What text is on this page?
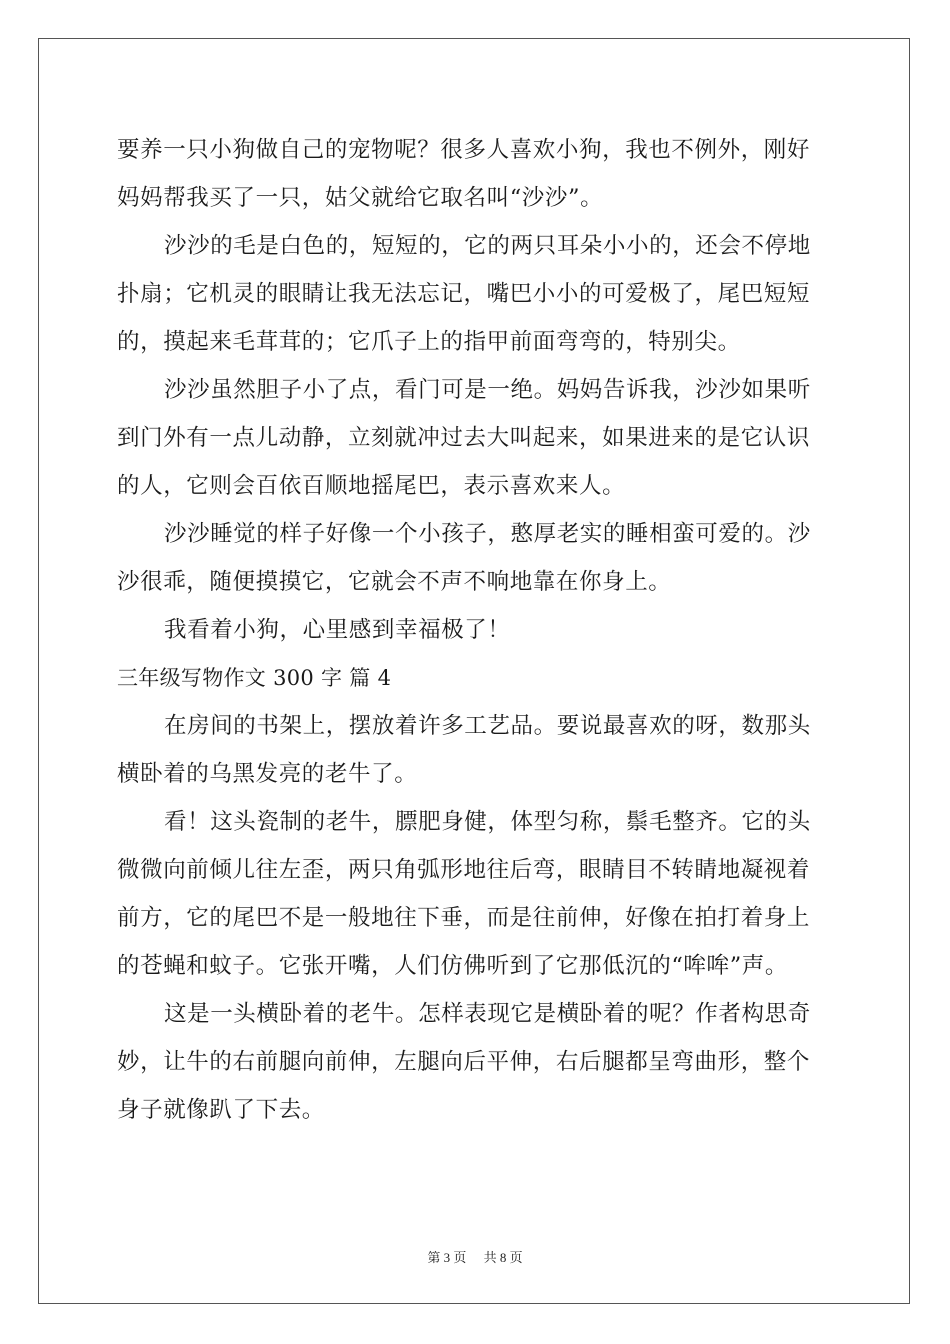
要养一只小狗做自己的宠物呢？很多人喜欢小狗，我也不例外，刚好
妈妈帮我买了一只，姑父就给它取名叫“沙沙”。
沙沙的毛是白色的，短短的，它的两只耳朵小小的，还会不停地
扑扇；它机灵的眼睛让我无法忘记，嘴巴小小的可爱极了，尾巴短短
的，摸起来毛茸茸的；它爪子上的指甲前面弯弯的，特别尖。
沙沙虽然胆子小了点，看门可是一绝。妈妈告诉我，沙沙如果听
到门外有一点儿动静，立刻就冲过去大叫起来，如果进来的是它认识
的人，它则会百依百顺地摇尾巴，表示喜欢来人。
沙沙睡觉的样子好像一个小孩子，憨厚老实的睡相蛮可爱的。沙
沙很乖，随便摸摸它，它就会不声不响地靠在你身上。
我看着小狗，心里感到幸福极了！
三年级写物作文 300 字 篇 4
在房间的书架上，摆放着许多工艺品。要说最喜欢的呀，数那头
横卧着的乌黑发亮的老牛了。
看！这头瓷制的老牛，膘肥身健，体型匀称，鬃毛整齐。它的头
微微向前倾儿往左歪，两只角弧形地往后弯，眼睛目不转睛地凝视着
前方，它的尾巴不是一般地往下垂，而是往前伸，好像在拍打着身上
的苍蝇和蚊子。它张开嘴，人们仿佛听到了它那低沉的“哞哞”声。
这是一头横卧着的老牛。怎样表现它是横卧着的呢？作者构思奇
妙，让牛的右前腿向前伸，左腿向后平伸，右后腿都呈弯曲形，整个
身子就像趴了下去。
第 3 页 共 8 页
